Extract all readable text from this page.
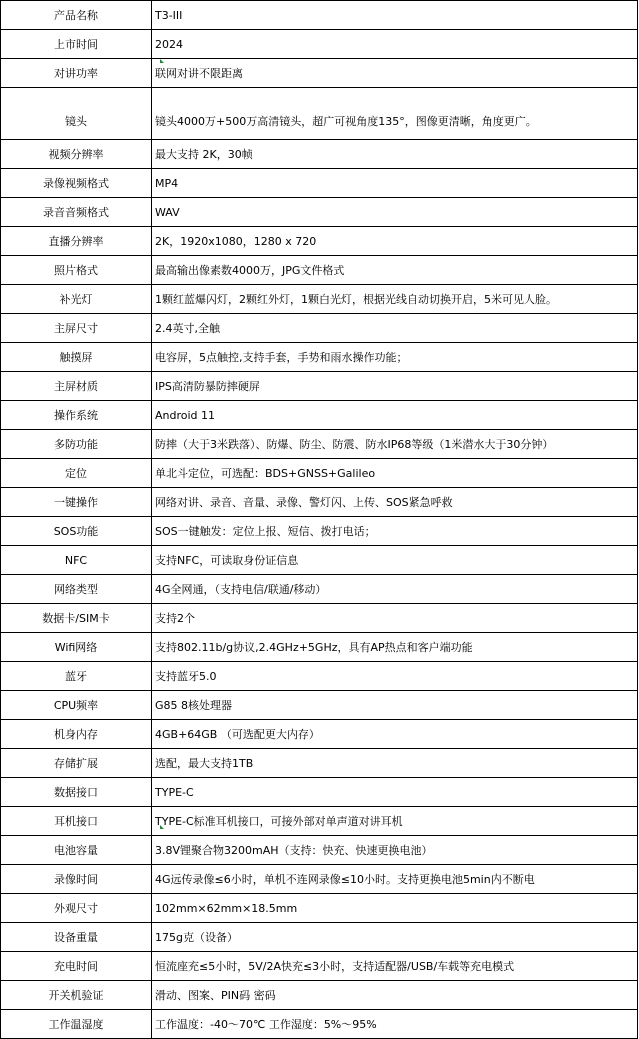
产品名称	T3-III
上市时间	2024
对讲功率	联网对讲不限距离
镜头	镜头4000万+500万高清镜头，超广可视角度135°，图像更清晰，角度更广。
视频分辨率	最大支持 2K，30帧
录像视频格式	MP4
录音音频格式	WAV
直播分辨率	2K，1920x1080，1280 x 720
照片格式	最高输出像素数4000万，JPG文件格式
补光灯	1颗红蓝爆闪灯，2颗红外灯，1颗白光灯，根据光线自动切换开启，5米可见人脸。
主屏尺寸	2.4英寸,全触
触摸屏	电容屏，5点触控,支持手套，手势和雨水操作功能；
主屏材质	IPS高清防暴防摔硬屏
操作系统	Android 11
多防功能	防摔（大于3米跌落）、防爆、防尘、防震、防水IP68等级（1米潜水大于30分钟）
定位	单北斗定位，可选配：BDS+GNSS+Galileo
一键操作	网络对讲、录音、音量、录像、警灯闪、上传、SOS紧急呼救
SOS功能	SOS一键触发：定位上报、短信、拨打电话；
NFC	支持NFC，可读取身份证信息
网络类型	4G全网通，（支持电信/联通/移动）
数据卡/SIM卡	支持2个
Wifi网络	支持802.11b/g协议,2.4GHz+5GHz，具有AP热点和客户端功能
蓝牙	支持蓝牙5.0
CPU频率	G85 8核处理器
机身内存	4GB+64GB （可选配更大内存）
存储扩展	选配，最大支持1TB
数据接口	TYPE-C
耳机接口	TYPE-C标准耳机接口，可接外部对单声道对讲耳机
电池容量	3.8V锂聚合物3200mAH（支持：快充、快速更换电池）
录像时间	4G远传录像≤6小时，单机不连网录像≤10小时。支持更换电池5min内不断电
外观尺寸	102mm×62mm×18.5mm
设备重量	175g克（设备）
充电时间	恒流座充≤5小时，5V/2A快充≤3小时，支持适配器/USB/车载等充电模式
开关机验证	滑动、图案、PIN码 密码
工作温湿度	工作温度：-40～70℃ 工作湿度：5%～95%
